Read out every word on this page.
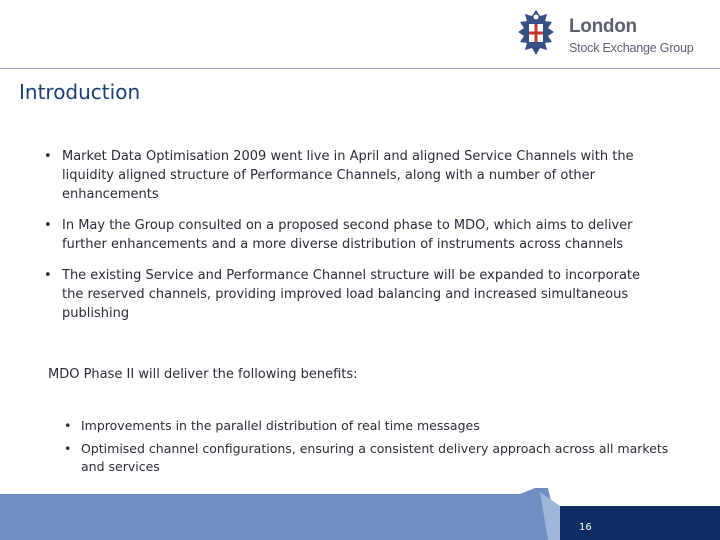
London
Stock Exchange Group
Introduction
• Market Data Optimisation 2009 went live in April and aligned Service Channels with the liquidity aligned structure of Performance Channels, along with a number of other enhancements
• In May the Group consulted on a proposed second phase to MDO, which aims to deliver further enhancements and a more diverse distribution of instruments across channels
• The existing Service and Performance Channel structure will be expanded to incorporate the reserved channels, providing improved load balancing and increased simultaneous publishing
MDO Phase II will deliver the following benefits:
• Improvements in the parallel distribution of real time messages
• Optimised channel configurations, ensuring a consistent delivery approach across all markets and services
16
